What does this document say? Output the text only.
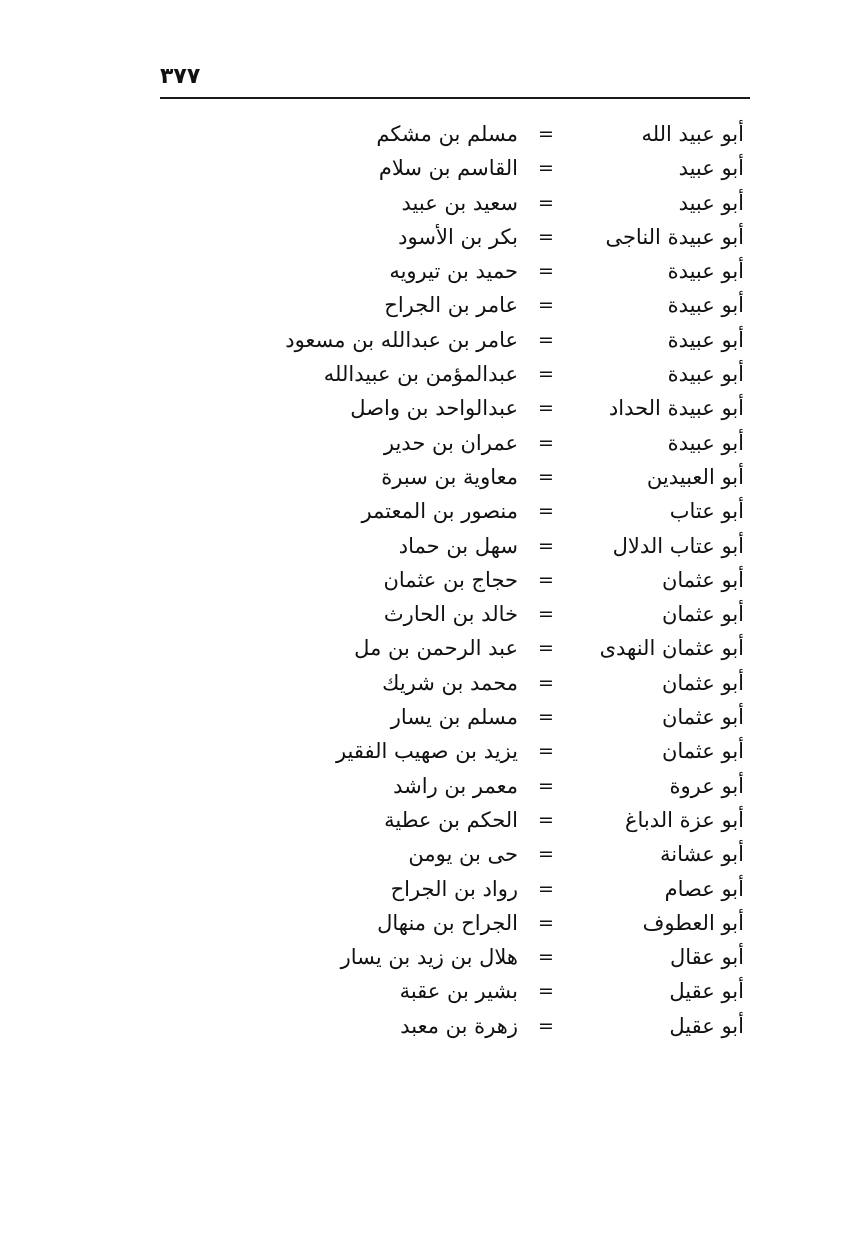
٣٧٧
أبو عبيد الله
=
مسلم بن مشكم
أبو عبيد
=
القاسم بن سلام
أبو عبيد
=
سعيد بن عبيد
أبو عبيدة الناجى
=
بكر بن الأسود
أبو عبيدة
=
حميد بن تيرويه
أبو عبيدة
=
عامر بن الجراح
أبو عبيدة
=
عامر بن عبدالله بن مسعود
أبو عبيدة
=
عبدالمؤمن بن عبيدالله
أبو عبيدة الحداد
=
عبدالواحد بن واصل
أبو عبيدة
=
عمران بن حدير
أبو العبيدين
=
معاوية بن سبرة
أبو عتاب
=
منصور بن المعتمر
أبو عتاب الدلال
=
سهل بن حماد
أبو عثمان
=
حجاج بن عثمان
أبو عثمان
=
خالد بن الحارث
أبو عثمان النهدى
=
عبد الرحمن بن مل
أبو عثمان
=
محمد بن شريك
أبو عثمان
=
مسلم بن يسار
أبو عثمان
=
يزيد بن صهيب الفقير
أبو عروة
=
معمر بن راشد
أبو عزة الدباغ
=
الحكم بن عطية
أبو عشانة
=
حى بن يومن
أبو عصام
=
رواد بن الجراح
أبو العطوف
=
الجراح بن منهال
أبو عقال
=
هلال بن زيد بن يسار
أبو عقيل
=
بشير بن عقبة
أبو عقيل
=
زهرة بن معبد
